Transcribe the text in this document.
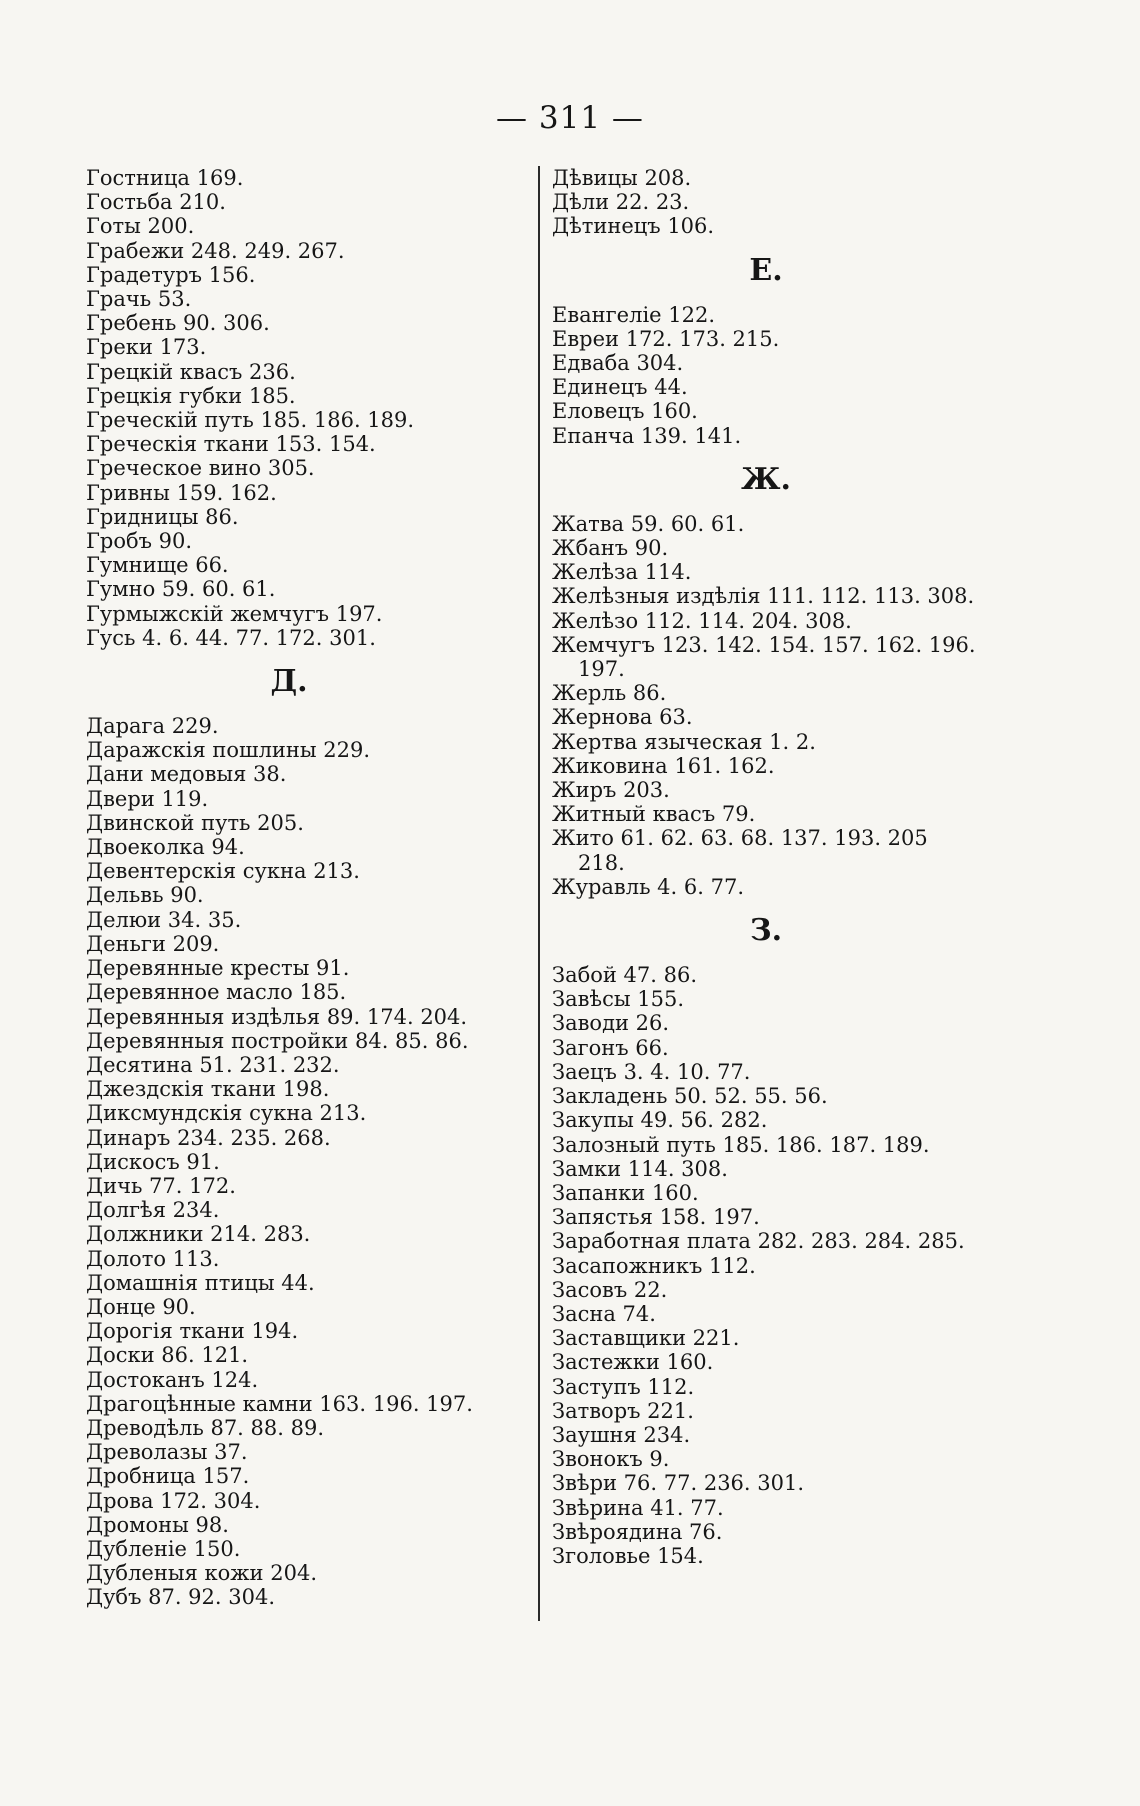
— 311 —
Гостница 169.
Гостьба 210.
Готы 200.
Грабежи 248. 249. 267.
Градетуръ 156.
Грачь 53.
Гребень 90. 306.
Греки 173.
Грецкій квасъ 236.
Грецкія губки 185.
Греческій путь 185. 186. 189.
Греческія ткани 153. 154.
Греческое вино 305.
Гривны 159. 162.
Гридницы 86.
Гробъ 90.
Гумнище 66.
Гумно 59. 60. 61.
Гурмыжскій жемчугъ 197.
Гусь 4. 6. 44. 77. 172. 301.
Д.
Дарага 229.
Даражскія пошлины 229.
Дани медовыя 38.
Двери 119.
Двинской путь 205.
Двоеколка 94.
Девентерскія сукна 213.
Дельвь 90.
Делюи 34. 35.
Деньги 209.
Деревянные кресты 91.
Деревянное масло 185.
Деревянныя издѣлья 89. 174. 204.
Деревянныя постройки 84. 85. 86.
Десятина 51. 231. 232.
Джездскія ткани 198.
Диксмундскія сукна 213.
Динаръ 234. 235. 268.
Дискосъ 91.
Дичь 77. 172.
Долгѣя 234.
Должники 214. 283.
Долото 113.
Домашнія птицы 44.
Донце 90.
Дорогія ткани 194.
Доски 86. 121.
Достоканъ 124.
Драгоцѣнные камни 163. 196. 197.
Древодѣль 87. 88. 89.
Древолазы 37.
Дробница 157.
Дрова 172. 304.
Дромоны 98.
Дубленіе 150.
Дубленыя кожи 204.
Дубъ 87. 92. 304.
Дѣвицы 208.
Дѣли 22. 23.
Дѣтинецъ 106.
Е.
Евангеліе 122.
Евреи 172. 173. 215.
Едваба 304.
Единецъ 44.
Еловецъ 160.
Епанча 139. 141.
Ж.
Жатва 59. 60. 61.
Жбанъ 90.
Желѣза 114.
Желѣзныя издѣлія 111. 112. 113. 308.
Желѣзо 112. 114. 204. 308.
Жемчугъ 123. 142. 154. 157. 162. 196.
197.
Жерль 86.
Жернова 63.
Жертва языческая 1. 2.
Жиковина 161. 162.
Жиръ 203.
Житный квасъ 79.
Жито 61. 62. 63. 68. 137. 193. 205
218.
Журавль 4. 6. 77.
З.
Забой 47. 86.
Завѣсы 155.
Заводи 26.
Загонъ 66.
Заецъ 3. 4. 10. 77.
Закладень 50. 52. 55. 56.
Закупы 49. 56. 282.
Залозный путь 185. 186. 187. 189.
Замки 114. 308.
Запанки 160.
Запястья 158. 197.
Заработная плата 282. 283. 284. 285.
Засапожникъ 112.
Засовъ 22.
Засна 74.
Заставщики 221.
Застежки 160.
Заступъ 112.
Затворъ 221.
Заушня 234.
Звонокъ 9.
Звѣри 76. 77. 236. 301.
Звѣрина 41. 77.
Звѣроядина 76.
Зголовье 154.
